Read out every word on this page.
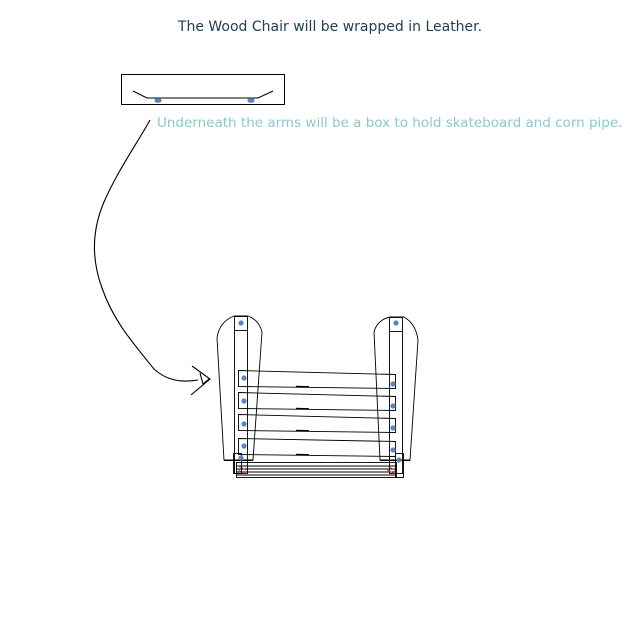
The Wood Chair will be wrapped in Leather.
Underneath the arms will be a box to hold skateboard and corn pipe.
